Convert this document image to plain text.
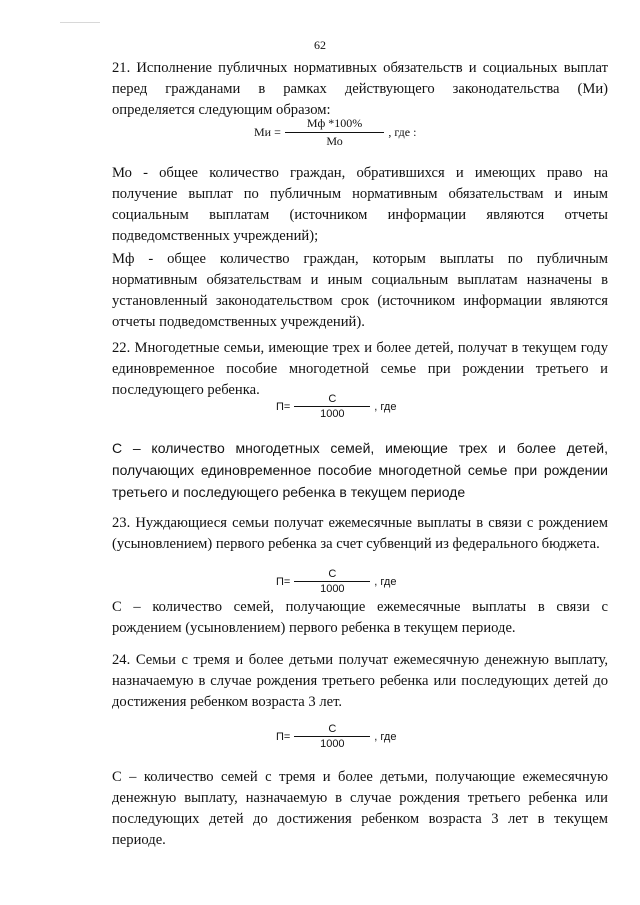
62
21. Исполнение публичных нормативных обязательств и социальных выплат перед гражданами в рамках действующего законодательства (Ми) определяется следующим образом:
Ми = $\frac{Мф *100\%}{Мо}$ , где :
Мо - общее количество граждан, обратившихся и имеющих право на получение выплат по публичным нормативным обязательствам и иным социальным выплатам (источником информации являются отчеты подведомственных учреждений);
Мф - общее количество граждан, которым выплаты по публичным нормативным обязательствам и иным социальным выплатам назначены в установленный законодательством срок (источником информации являются отчеты подведомственных учреждений).
22. Многодетные семьи, имеющие трех и более детей, получат в текущем году единовременное пособие многодетной семье при рождении третьего и последующего ребенка.
$П= \frac{С}{1000}$ , где
С – количество многодетных семей, имеющие трех и более детей, получающих единовременное пособие многодетной семье при рождении третьего и последующего ребенка в текущем периоде
23. Нуждающиеся семьи получат ежемесячные выплаты в связи с рождением (усыновлением) первого ребенка за счет субвенций из федерального бюджета.
$П= \frac{С}{1000}$ , где
С – количество семей, получающие ежемесячные выплаты в связи с рождением (усыновлением) первого ребенка в текущем периоде.
24. Семьи с тремя и более детьми получат ежемесячную денежную выплату, назначаемую в случае рождения третьего ребенка или последующих детей до достижения ребенком возраста 3 лет.
$П= \frac{С}{1000}$ , где
С – количество семей с тремя и более детьми, получающие ежемесячную денежную выплату, назначаемую в случае рождения третьего ребенка или последующих детей до достижения ребенком возраста 3 лет в текущем периоде.
